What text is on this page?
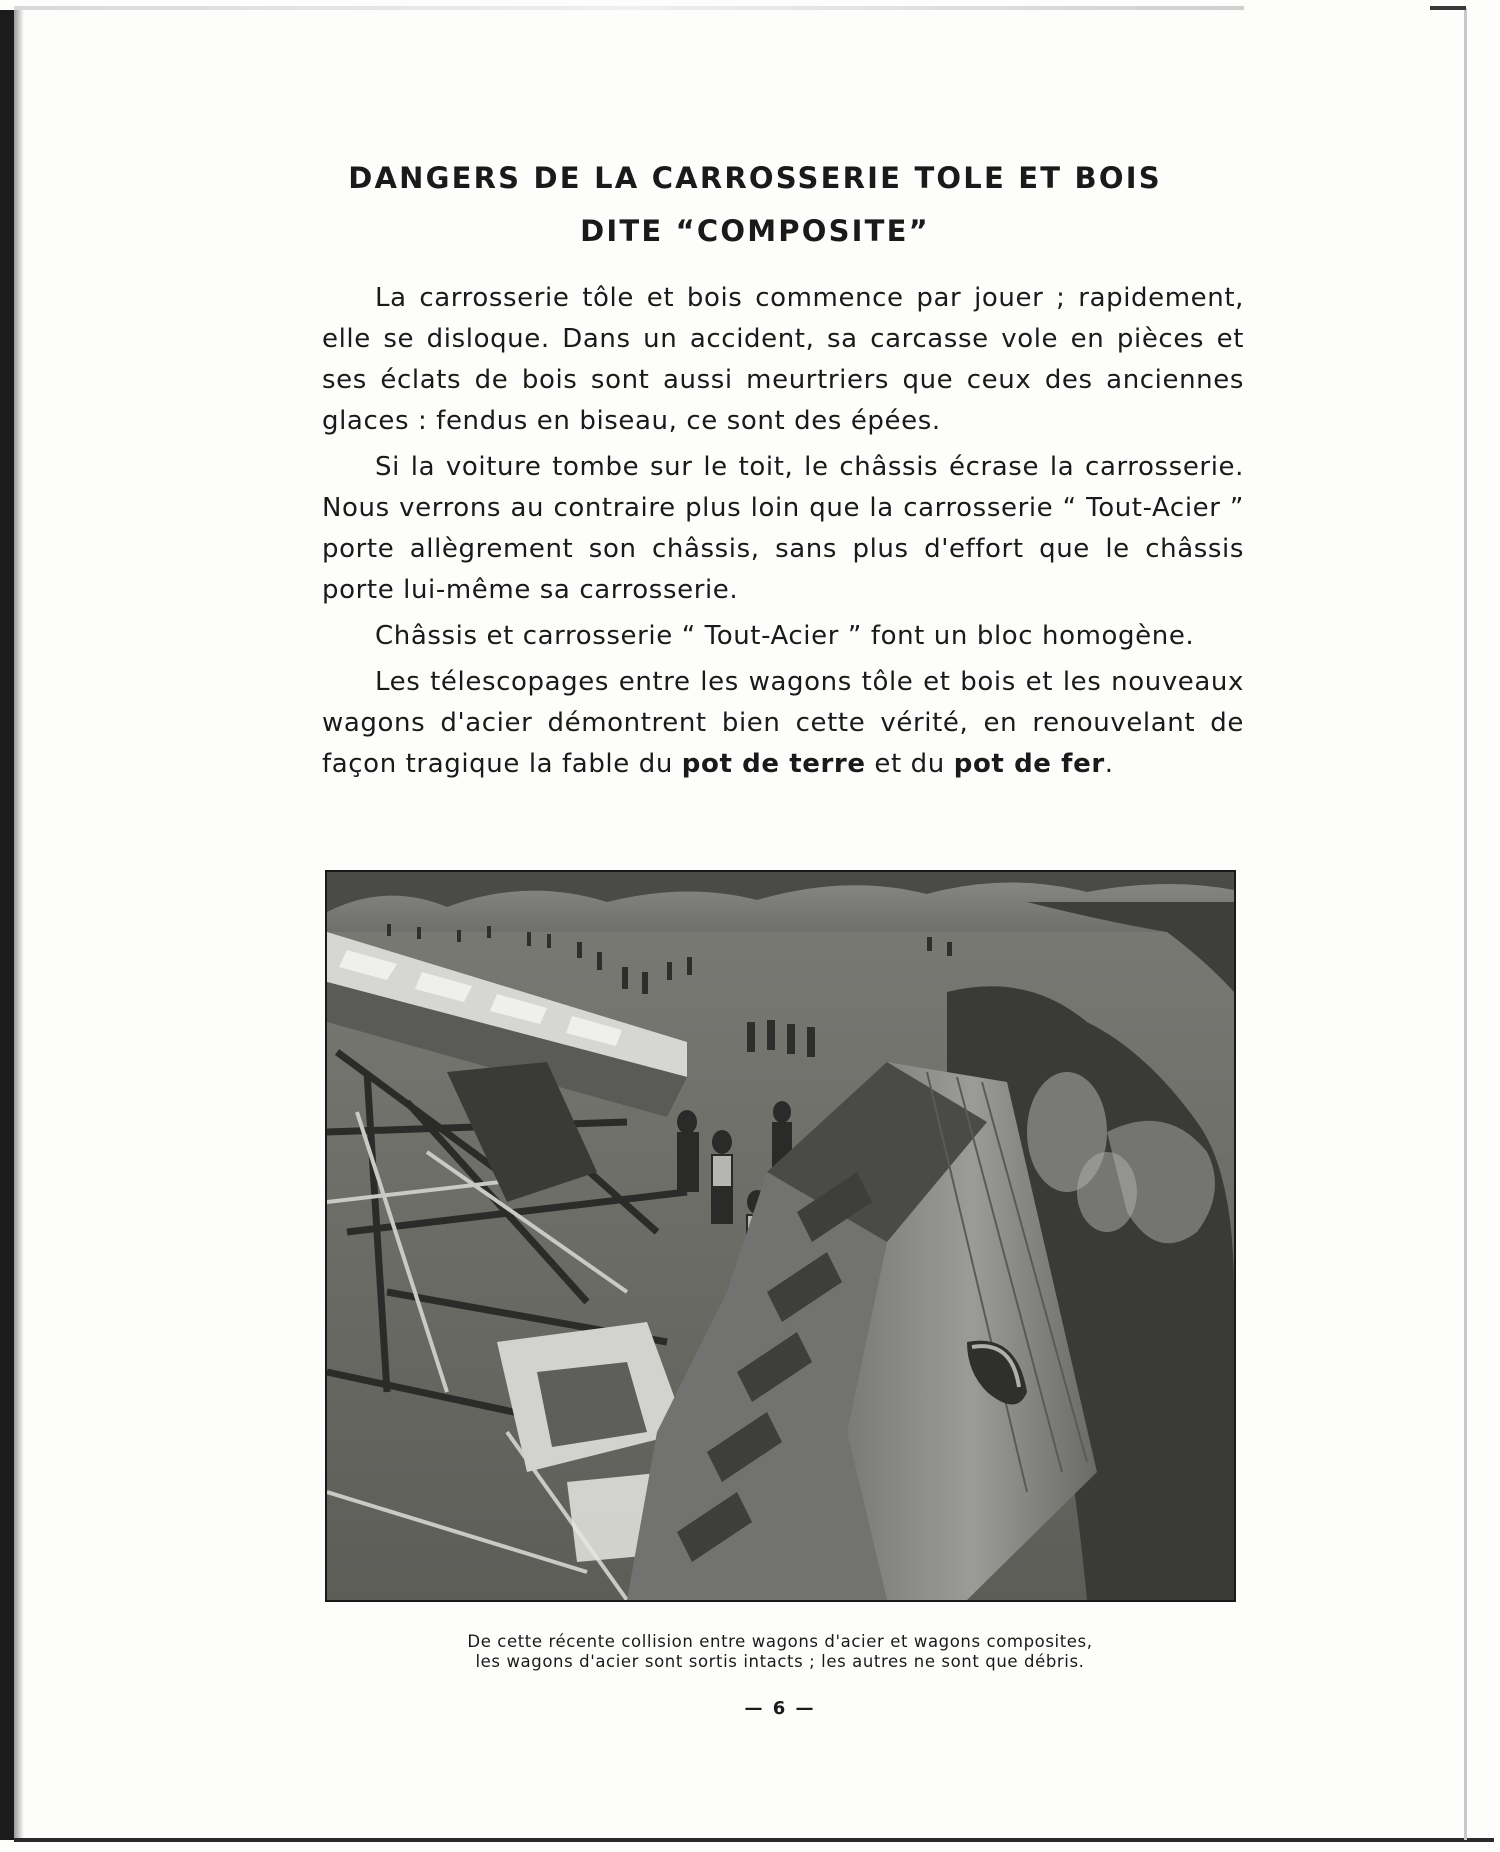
DANGERS DE LA CARROSSERIE TOLE ET BOIS
DITE “COMPOSITE”

La carrosserie tôle et bois commence par jouer ; rapidement, elle se disloque. Dans un accident, sa carcasse vole en pièces et ses éclats de bois sont aussi meurtriers que ceux des anciennes glaces : fendus en biseau, ce sont des épées.

Si la voiture tombe sur le toit, le châssis écrase la carrosserie. Nous verrons au contraire plus loin que la carrosserie “ Tout-Acier ” porte allègrement son châssis, sans plus d'effort que le châssis porte lui-même sa carrosserie.

Châssis et carrosserie “ Tout-Acier ” font un bloc homogène.

Les télescopages entre les wagons tôle et bois et les nouveaux wagons d'acier démontrent bien cette vérité, en renouvelant de façon tragique la fable du pot de terre et du pot de fer.

De cette récente collision entre wagons d'acier et wagons composites,
les wagons d'acier sont sortis intacts ; les autres ne sont que débris.
— 6 —
